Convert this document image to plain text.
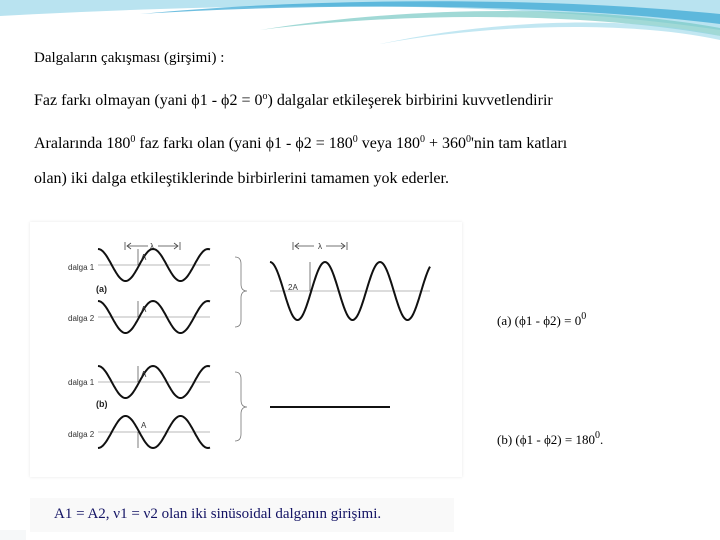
Dalgaların çakışması (girşimi) :
Faz farkı olmayan (yani $\phi 1 - \phi 2 = 0^o$) dalgalar etkileşerek birbirini kuvvetlendirir
Aralarında $180^0$ faz farkı olan (yani $\phi 1 - \phi 2 = 180^0$ veya $180^0 + 360^0'nin$ tam katları
olan) iki dalga etkileştiklerinde birbirlerini tamamen yok ederler.
dalga 1
(a)
dalga 2
dalga 1
(b)
dalga 2
λ	λ
A
A
A
A
2A
(a) $(\phi 1 - \phi 2) = 0^0$
(b) $(\phi 1 - \phi 2) = 180^0$.
A1 = A2, ν1 = ν2 olan iki sinüsoidal dalganın girişimi.
